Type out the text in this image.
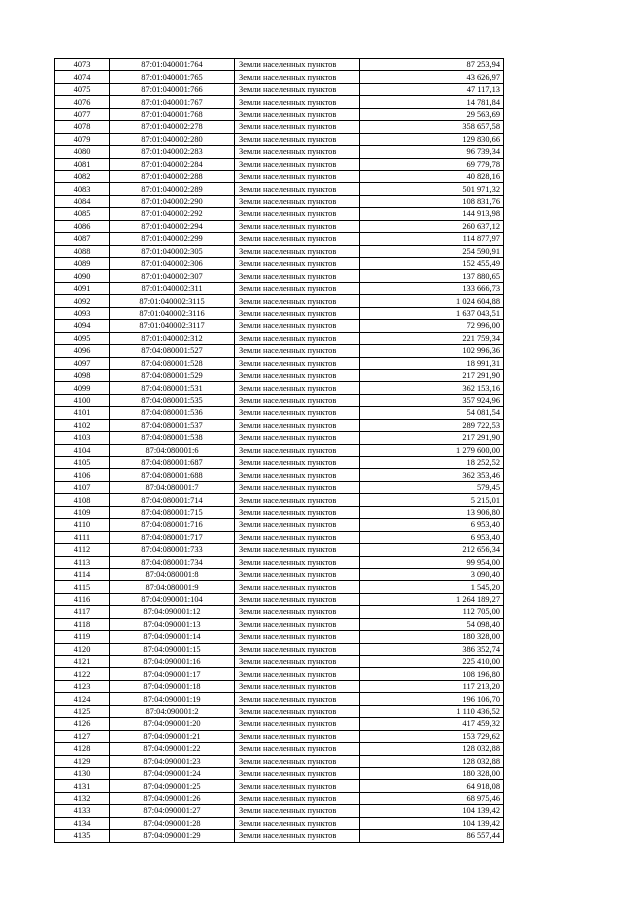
4073	87:01:040001:764	Земли населенных пунктов	87 253,94
4074	87:01:040001:765	Земли населенных пунктов	43 626,97
4075	87:01:040001:766	Земли населенных пунктов	47 117,13
4076	87:01:040001:767	Земли населенных пунктов	14 781,84
4077	87:01:040001:768	Земли населенных пунктов	29 563,69
4078	87:01:040002:278	Земли населенных пунктов	358 657,58
4079	87:01:040002:280	Земли населенных пунктов	129 830,66
4080	87:01:040002:283	Земли населенных пунктов	96 739,34
4081	87:01:040002:284	Земли населенных пунктов	69 779,78
4082	87:01:040002:288	Земли населенных пунктов	40 828,16
4083	87:01:040002:289	Земли населенных пунктов	501 971,32
4084	87:01:040002:290	Земли населенных пунктов	108 831,76
4085	87:01:040002:292	Земли населенных пунктов	144 913,98
4086	87:01:040002:294	Земли населенных пунктов	260 637,12
4087	87:01:040002:299	Земли населенных пунктов	114 877,97
4088	87:01:040002:305	Земли населенных пунктов	254 590,91
4089	87:01:040002:306	Земли населенных пунктов	152 455,49
4090	87:01:040002:307	Земли населенных пунктов	137 880,65
4091	87:01:040002:311	Земли населенных пунктов	133 666,73
4092	87:01:040002:3115	Земли населенных пунктов	1 024 604,88
4093	87:01:040002:3116	Земли населенных пунктов	1 637 043,51
4094	87:01:040002:3117	Земли населенных пунктов	72 996,00
4095	87:01:040002:312	Земли населенных пунктов	221 759,34
4096	87:04:080001:527	Земли населенных пунктов	102 996,36
4097	87:04:080001:528	Земли населенных пунктов	18 991,31
4098	87:04:080001:529	Земли населенных пунктов	217 291,90
4099	87:04:080001:531	Земли населенных пунктов	362 153,16
4100	87:04:080001:535	Земли населенных пунктов	357 924,96
4101	87:04:080001:536	Земли населенных пунктов	54 081,54
4102	87:04:080001:537	Земли населенных пунктов	289 722,53
4103	87:04:080001:538	Земли населенных пунктов	217 291,90
4104	87:04:080001:6	Земли населенных пунктов	1 279 600,00
4105	87:04:080001:687	Земли населенных пунктов	18 252,52
4106	87:04:080001:688	Земли населенных пунктов	362 353,46
4107	87:04:080001:7	Земли населенных пунктов	579,45
4108	87:04:080001:714	Земли населенных пунктов	5 215,01
4109	87:04:080001:715	Земли населенных пунктов	13 906,80
4110	87:04:080001:716	Земли населенных пунктов	6 953,40
4111	87:04:080001:717	Земли населенных пунктов	6 953,40
4112	87:04:080001:733	Земли населенных пунктов	212 656,34
4113	87:04:080001:734	Земли населенных пунктов	99 954,00
4114	87:04:080001:8	Земли населенных пунктов	3 090,40
4115	87:04:080001:9	Земли населенных пунктов	1 545,20
4116	87:04:090001:104	Земли населенных пунктов	1 264 189,27
4117	87:04:090001:12	Земли населенных пунктов	112 705,00
4118	87:04:090001:13	Земли населенных пунктов	54 098,40
4119	87:04:090001:14	Земли населенных пунктов	180 328,00
4120	87:04:090001:15	Земли населенных пунктов	386 352,74
4121	87:04:090001:16	Земли населенных пунктов	225 410,00
4122	87:04:090001:17	Земли населенных пунктов	108 196,80
4123	87:04:090001:18	Земли населенных пунктов	117 213,20
4124	87:04:090001:19	Земли населенных пунктов	196 106,70
4125	87:04:090001:2	Земли населенных пунктов	1 110 436,52
4126	87:04:090001:20	Земли населенных пунктов	417 459,32
4127	87:04:090001:21	Земли населенных пунктов	153 729,62
4128	87:04:090001:22	Земли населенных пунктов	128 032,88
4129	87:04:090001:23	Земли населенных пунктов	128 032,88
4130	87:04:090001:24	Земли населенных пунктов	180 328,00
4131	87:04:090001:25	Земли населенных пунктов	64 918,08
4132	87:04:090001:26	Земли населенных пунктов	68 975,46
4133	87:04:090001:27	Земли населенных пунктов	104 139,42
4134	87:04:090001:28	Земли населенных пунктов	104 139,42
4135	87:04:090001:29	Земли населенных пунктов	86 557,44
